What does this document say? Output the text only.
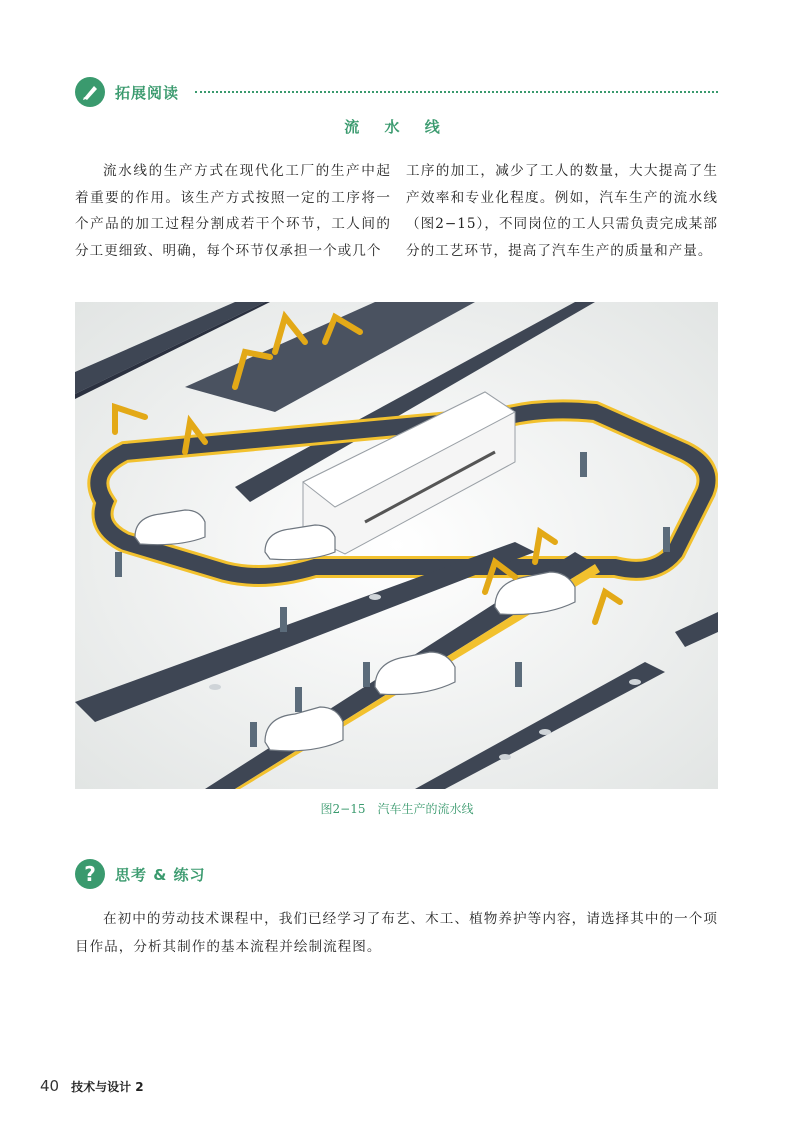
拓展阅读
流 水 线
流水线的生产方式在现代化工厂的生产中起着重要的作用。该生产方式按照一定的工序将一个产品的加工过程分割成若干个环节，工人间的分工更细致、明确，每个环节仅承担一个或几个
工序的加工，减少了工人的数量，大大提高了生产效率和专业化程度。例如，汽车生产的流水线（图2−15），不同岗位的工人只需负责完成某部分的工艺环节，提高了汽车生产的质量和产量。
图2−15　汽车生产的流水线
?	思考 & 练习
在初中的劳动技术课程中，我们已经学习了布艺、木工、植物养护等内容，请选择其中的一个项目作品，分析其制作的基本流程并绘制流程图。
40 技术与设计 2
